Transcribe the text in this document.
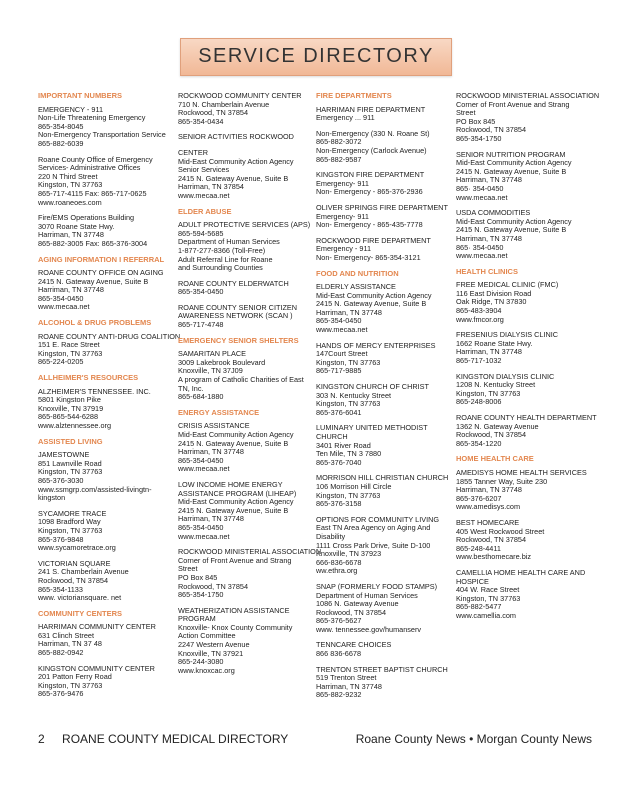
SERVICE DIRECTORY
IMPORTANT NUMBERS
EMERGENCY - 911
Non-Life Threatening Emergency
865-354-8045
Non-Emergency Transportation Service
865-882-6039
Roane County Office of Emergency
Services- Administrative Offices
220 N Third Street
Kingston, TN 37763
865-717-4115 Fax: 865-717-0625
www.roaneoes.com
Fire/EMS Operations Building
3070 Roane State Hwy.
Harriman, TN 37748
865-882-3005 Fax: 865-376-3004
AGING INFORMATION I REFERRAL
ROANE COUNTY OFFICE ON AGING
2415 N. Gateway Avenue, Suite B
Harriman, TN 37748
865-354-0450
www.mecaa.net
ALCOHOL & DRUG PROBLEMS
ROANE COUNTY ANTI-DRUG COALITION
151 E. Race Street
Kingston, TN 37763
865-224-0205
ALLHEIMER'S RESOURCES
ALZHEIMER'S TENNESSEE. INC.
5801 Kingston Pike
Knoxville, TN 37919
865-865-544-6288
www.alztennessee.org
ASSISTED LIVING
JAMESTOWNE
851 Lawnville Road
Kingston, TN 37763
865-376-3030
www.ssmgrp.com/assisted-livingtn-
kingston
SYCAMORE TRACE
1098 Bradford Way
Kingston, TN 37763
865-376-9848
www.sycamoretrace.org
VICTORIAN SQUARE
241 S. Chamberlain Avenue
Rockwood, TN 37854
865-354-1133
www. victoriansquare. net
COMMUNITY CENTERS
HARRIMAN COMMUNITY CENTER
631 Clinch Street
Harriman, TN 37 48
865-882-0942
KINGSTON COMMUNITY CENTER
201 Patton Ferry Road
Kingston, TN 37763
865-376-9476
ROCKWOOD COMMUNITY CENTER
710 N. Chamberlain Avenue
Rockwood, TN 37854
865-354-0434
SENIOR ACTIVITIES ROCKWOOD
CENTER
Mid-East Community Action Agency
Senior Services
2415 N. Gateway Avenue, Suite B
Harriman, TN 37854
www.mecaa.net
ELDER ABUSE
ADULT PROTECTIVE SERVICES (APS)
865-594-5685
Department of Human Services
1-877-277-8366 (Toll-Free)
Adult Referral Line for Roane
and Surrounding Counties
ROANE COUNTY ELDERWATCH
865-354-0450
ROANE COUNTY SENIOR CITIZEN
AWARENESS NETWORK (SCAN )
865-717-4748
EMERGENCY SENIOR SHELTERS
SAMARITAN PLACE
3009 Lakebrook Boulevard
Knoxville, TN 37J09
A program of Catholic Charities of East
TN, Inc.
865-684-1880
ENERGY ASSISTANCE
CRISIS ASSISTANCE
Mid-East Community Action Agency
2415 N. Gateway Avenue, Suite B
Harriman, TN 37748
865-354-0450
www.mecaa.net
LOW INCOME HOME ENERGY
ASSISTANCE PROGRAM (LIHEAP)
Mid-East Community Action Agency
2415 N. Gateway Avenue, Suite B
Harriman, TN 37748
865-354-0450
www.mecaa.net
ROCKWOOD MINISTERIAL ASSOCIATION
Corner of Front Avenue and Strang
Street
PO Box 845
Rockwood, TN 37854
865-354-1750
WEATHERIZATION ASSISTANCE
PROGRAM
Knoxville- Knox County Community
Action Committee
2247 Western Avenue
Knoxville, TN 37921
865-244-3080
www.knoxcac.org
FIRE DEPARTMENTS
HARRIMAN FIRE DEPARTMENT
Emergency ... 911
Non-Emergency (330 N. Roane St)
865-882-3072
Non-Emergency (Carlock Avenue)
865-882-9587
KINGSTON FIRE DEPARTMENT
Emergency- 911
Non- Emergency - 865-376-2936
OLIVER SPRINGS FIRE DEPARTMENT
Emergency- 911
Non- Emergency - 865-435-7778
ROCKWOOD FIRE DEPARTMENT
Emergency - 911
Non- Emergency- 865-354-3121
FOOD AND NUTRITION
ELDERLY ASSISTANCE
Mid-East Community Action Agency
2415 N. Gateway Avenue, Suite B
Harriman, TN 37748
865-354-0450
www.mecaa.net
HANDS OF MERCY ENTERPRISES
147Court Street
Kingston, TN 37763
865-717-9885
KINGSTON CHURCH OF CHRIST
303 N. Kentucky Street
Kingston, TN 37763
865-376-6041
LUMINARY UNITED METHODIST
CHURCH
3401 River Road
Ten Mile, TN 3 7880
865-376-7040
MORRISON HILL CHRISTIAN CHURCH
106 Morrison Hill Circle
Kingston, TN 37763
865-376-3158
OPTIONS FOR COMMUNITY LIVING
East TN Area Agency on Aging And
Disability
1111 Cross Park Drive, Suite D-100
Knoxville, TN 37923
666-836-6678
ww.ethra.org
SNAP (FORMERLY FOOD STAMPS)
Department of Human Services
1086 N. Gateway Avenue
Rockwood, TN 37854
865-376-5627
www. tennessee.gov/humanserv
TENNCARE CHOICES
866 836-6678
TRENTON STREET BAPTIST CHURCH
519 Trenton Street
Harriman, TN 37748
865-882-9232
ROCKWOOD MINISTERIAL ASSOCIATION
Corner of Front Avenue and Strang
Street
PO Box 845
Rockwood, TN 37854
865-354-1750
SENIOR NUTRITION PROGRAM
Mid-East Community Action Agency
2415 N. Gateway Avenue, Suite B
Harriman, TN 37748
865· 354-0450
www.mecaa.net
USDA COMMODITIES
Mid-East Community Action Agency
2415 N. Gateway Avenue, Suite B
Harriman, TN 37748
865· 354-0450
www.mecaa.net
HEALTH CLINICS
FREE MEDICAL CLINIC (FMC)
116 East Division Road
Oak Ridge, TN 37830
865-483-3904
www.fmcor.org
FRESENIUS DIALYSIS CLINIC
1662 Roane State Hwy.
Harriman, TN 37748
865-717-1032
KINGSTON DIALYSIS CLINIC
1208 N. Kentucky Street
Kingston, TN 37763
865-248-8006
ROANE COUNTY HEALTH DEPARTMENT
1362 N. Gateway Avenue
Rockwood, TN 37854
865-354-1220
HOME HEALTH CARE
AMEDISYS HOME HEALTH SERVICES
1855 Tanner Way, Suite 230
Harriman, TN 37748
865-376-6207
www.amedisys.com
BEST HOMECARE
405 West Rockwood Street
Rockwood, TN 37854
865-248-4411
www.besthomecare.biz
CAMELLIA HOME HEALTH CARE AND
HOSPICE
404 W. Race Street
Kingston, TN 37763
865-882-5477
www.camellia.com
2 ROANE COUNTY MEDICAL DIRECTORY	Roane County News • Morgan County News
